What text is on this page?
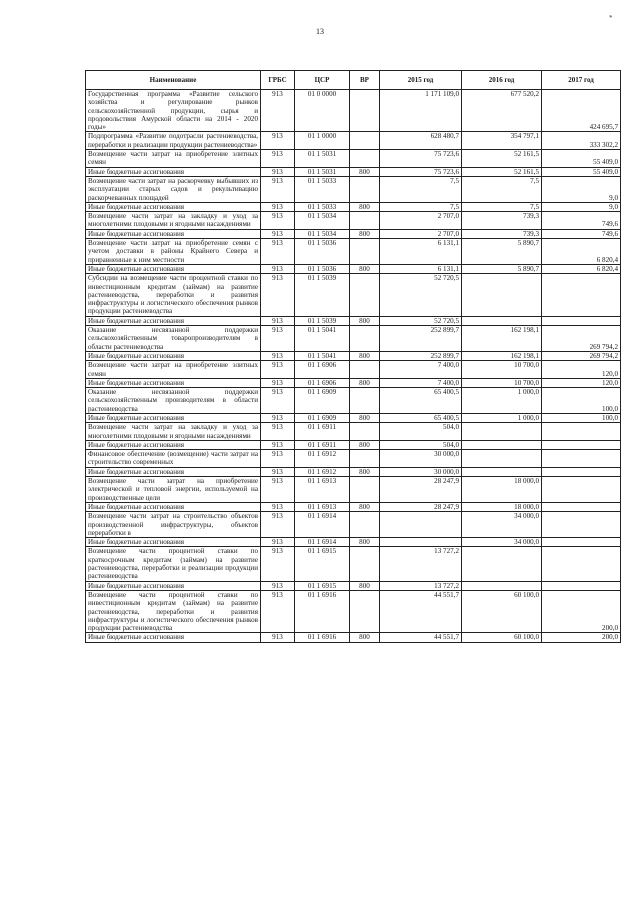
*
13
Наименование	ГРБС	ЦСР	ВР	2015 год	2016 год	2017 год
Государственная программа «Развитие сельского хозяйства и регулирование рынков сельскохозяйственной продукции, сырья и продовольствия Амурской области на 2014 - 2020 годы»	913	01 0 0000		1 171 109,0	677 520,2	424 695,7
Подпрограмма «Развитие подотрасли растениеводства, переработки и реализации продукции растениеводства»	913	01 1 0000		628 480,7	354 797,1	333 302,2
Возмещение части затрат на приобретение элитных семян	913	01 1 5031		75 723,6	52 161,5	55 409,0
Иные бюджетные ассигнования	913	01 1 5031	800	75 723,6	52 161,5	55 409,0
Возмещение части затрат на раскорчевку выбывших из эксплуатации старых садов и рекультивацию раскорчеванных площадей	913	01 1 5033		7,5	7,5	9,0
Иные бюджетные ассигнования	913	01 1 5033	800	7,5	7,5	9,0
Возмещение части затрат на закладку и уход за многолетними плодовыми и ягодными насаждениями	913	01 1 5034		2 707,0	739,3	749,6
Иные бюджетные ассигнования	913	01 1 5034	800	2 707,0	739,3	749,6
Возмещение части затрат на приобретение семян с учетом доставки в районы Крайнего Севера и приравненные к ним местности	913	01 1 5036		6 131,1	5 890,7	6 820,4
Иные бюджетные ассигнования	913	01 1 5036	800	6 131,1	5 890,7	6 820,4
Субсидии на возмещение части процентной ставки по инвестиционным кредитам (займам) на развитие растениеводства, переработки и развития инфраструктуры и логистического обеспечения рынков продукции растениеводства	913	01 1 5039		52 720,5		
Иные бюджетные ассигнования	913	01 1 5039	800	52 720,5		
Оказание несвязанной поддержки сельскохозяйственным товаропроизводителям в области растениеводства	913	01 1 5041		252 899,7	162 198,1	269 794,2
Иные бюджетные ассигнования	913	01 1 5041	800	252 899,7	162 198,1	269 794,2
Возмещение части затрат на приобретение элитных семян	913	01 1 6906		7 400,0	10 700,0	120,0
Иные бюджетные ассигнования	913	01 1 6906	800	7 400,0	10 700,0	120,0
Оказание несвязанной поддержки сельскохозяйственным производителям в области растениеводства	913	01 1 6909		65 400,5	1 000,0	100,0
Иные бюджетные ассигнования	913	01 1 6909	800	65 400,5	1 000,0	100,0
Возмещение части затрат на закладку и уход за многолетними плодовыми и ягодными насаждениями	913	01 1 6911		504,0		
Иные бюджетные ассигнования	913	01 1 6911	800	504,0		
Финансовое обеспечение (возмещение) части затрат на строительство современных	913	01 1 6912		30 000,0		
Иные бюджетные ассигнования	913	01 1 6912	800	30 000,0		
Возмещение части затрат на приобретение электрической и тепловой энергии, используемой на производственные цели	913	01 1 6913		28 247,9	18 000,0	
Иные бюджетные ассигнования	913	01 1 6913	800	28 247,9	18 000,0	
Возмещение части затрат на строительство объектов производственной инфраструктуры, объектов переработки в	913	01 1 6914			34 000,0	
Иные бюджетные ассигнования	913	01 1 6914	800		34 000,0	
Возмещение части процентной ставки по краткосрочным кредитам (займам) на развитие растениеводства, переработки и реализации продукции растениеводства	913	01 1 6915		13 727,2		
Иные бюджетные ассигнования	913	01 1 6915	800	13 727,2		
Возмещение части процентной ставки по инвестиционным кредитам (займам) на развитие растениеводства, переработки и развития инфраструктуры и логистического обеспечения рынков продукции растениеводства	913	01 1 6916		44 551,7	60 100,0	200,0
Иные бюджетные ассигнования	913	01 1 6916	800	44 551,7	60 100,0	200,0
